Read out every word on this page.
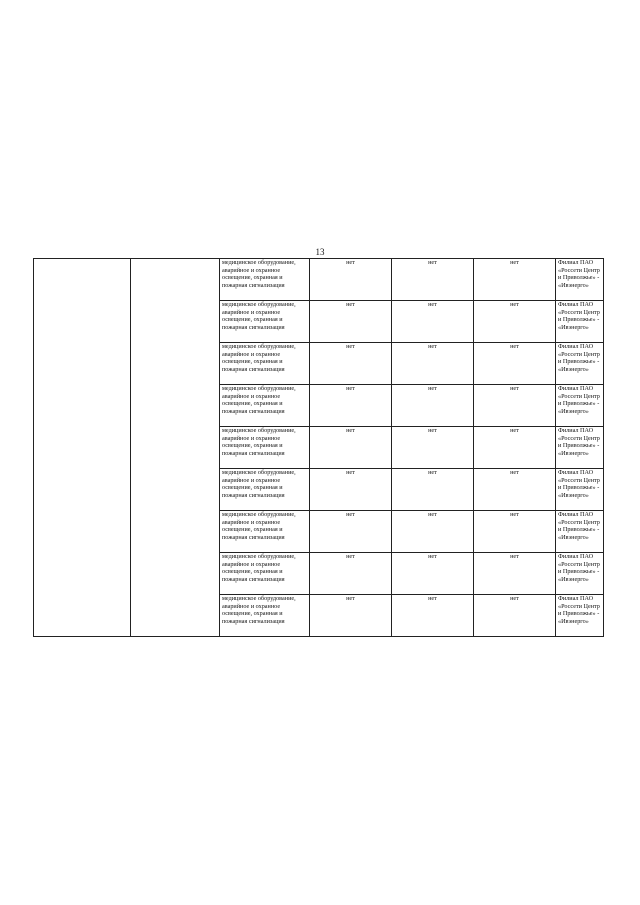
13
		медицинское оборудование, аварийное и охранное освещение, охранная и пожарная сигнализация	нет	нет	нет	Филиал ПАО «Россети Центр и Приволжье» - «Ивэнерго»
		медицинское оборудование, аварийное и охранное освещение, охранная и пожарная сигнализация	нет	нет	нет	Филиал ПАО «Россети Центр и Приволжье» - «Ивэнерго»
		медицинское оборудование, аварийное и охранное освещение, охранная и пожарная сигнализация	нет	нет	нет	Филиал ПАО «Россети Центр и Приволжье» - «Ивэнерго»
		медицинское оборудование, аварийное и охранное освещение, охранная и пожарная сигнализация	нет	нет	нет	Филиал ПАО «Россети Центр и Приволжье» - «Ивэнерго»
		медицинское оборудование, аварийное и охранное освещение, охранная и пожарная сигнализация	нет	нет	нет	Филиал ПАО «Россети Центр и Приволжье» - «Ивэнерго»
		медицинское оборудование, аварийное и охранное освещение, охранная и пожарная сигнализация	нет	нет	нет	Филиал ПАО «Россети Центр и Приволжье» - «Ивэнерго»
		медицинское оборудование, аварийное и охранное освещение, охранная и пожарная сигнализация	нет	нет	нет	Филиал ПАО «Россети Центр и Приволжье» - «Ивэнерго»
		медицинское оборудование, аварийное и охранное освещение, охранная и пожарная сигнализация	нет	нет	нет	Филиал ПАО «Россети Центр и Приволжье» - «Ивэнерго»
		медицинское оборудование, аварийное и охранное освещение, охранная и пожарная сигнализация	нет	нет	нет	Филиал ПАО «Россети Центр и Приволжье» - «Ивэнерго»
